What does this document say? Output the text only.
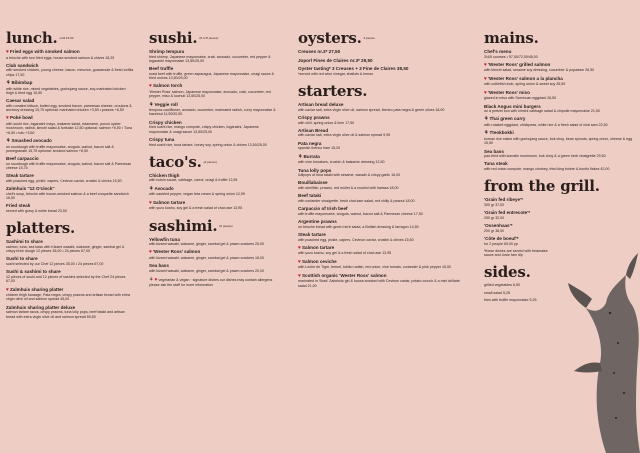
lunch. $^{until 16:00}$
♥Fried eggs with smoked salmon
a brioche with two fried eggs, house-smoked salmon & chives 18,25
Club sandwich
with smoked chicken, young cheese, bacon, mesclun, guacamole & fresh tortilla chips 17,50
⚘Bibimbap
with white rice, mixed vegetables, gochujang sauce, soy-marinated chicken thigh & fried egg 15,50
Caesar salad
with romaine lettuce, boiled egg, smoked bacon, parmesan cheese, croutons & anchovy dressing 15,75 optional: marinated chicken +3,50 • prawns +6,50
♥Poké bowl
with sushi rice, togarashi mayo, wakame salad, edamame, ponzu oyster mushroom, radish, kimchi salad & furikake 12,50 optional: salmon +6,50 • Tuna +6,50 • tofu +3,50
⚘Smashed avocado
on sourdough with truffle mayonnaise, arugula, walnut, bacon salt & pomegranate 15,75 optional: smoked salmon +6,50
Beef carpaccio
on sourdough with truffle mayonnaise, arugula, walnut, bacon salt & Parmesan cheese 15,75
Steak tartare
with poached egg, pickle, capers, Cevinon caviar, crostini & chives 15,50
Zalmhuis "12 O'clock"
chef's soup, brioche with house-smoked salmon & a beef croquette sandwich 16,50
Fried steak
served with gravy & white bread 23,50
platters.
Sashimi to share
salmon, tuna, sea bass with Kizami wasabi, wakame, ginger, sambal gel & crispy brick dough 12 pieces 35,00 • 24 pieces 67,00
Sushi to share
sushi selected by our Chef 12 pieces 35,00 • 24 pieces 67,00
Sushi & sashimi to share
12 pieces of sushi and 12 pieces of sashimi selected by the Chef 24 pieces 67,00
♥Zalmhuis sharing platter
chicken thigh karaage, Pata negra, crispy prawns and artisan bread with extra virgin olive oil and salmon spread 45,00
Zalmhuis sharing platter deluxe
salmon tartare tacos, crispy prawns, tuna lolly pops, beef tataki and artisan bread with extra virgin olive oil and salmon spread 59,50
sushi. $^{(8 of 8 pieces)}$
Shrimp tempura
fried shrimp, Japanese mayonnaise, crab, avocado, cucumber, red pepper & togarashi mayonnaise 13,50/25,00
Beef truffle
roast beef with truffle, green asparagus, Japanese mayonnaise, unagi sauce & fried onions 13,50/25,00
♥Salmon torch
'Wester Ross' salmon, Japanese mayonnaise, avocado, crab, cucumber, red pepper, miso & kochuli 13,50/25,00
⚘Veggie roll
tempura cauliflower, avocado, cucumber, marinated radish, curry mayonnaise & hazelnut 11,50/20,50
Crispy chicken
fried sushi rice, mango compote, crispy chicken, togarashi, Japanese mayonnaise & unagi sauce 13,50/25,00
Crispy tuna
fried sushi rice, tuna tartare, honey soy, spring onion & chives 13,50/25,00
taco's. $^{(2 pieces)}$
Chicken thigh
with hoisin sauce, cabbage, carrot, unagi & truffle 12,95
⚘Avocado
with sautéed pepper, vegan feta cream & spring onion 12,95
♥Salmon tartare
with yuzu kosho, soy gel & a fresh salad of chai uwe 13,95
sashimi. $^{(6 pieces)}$
Yellowfin tuna
with kizami wasabi, wakame, ginger, sambal gel & prawn crackers 25,00
♥'Wester Ross' salmon
with kizami wasabi, wakame, ginger, sambal gel & prawn crackers 18,00
Sea bass
with kizami wasabi, wakame, ginger, sambal gel & prawn crackers 20,00
⚘♥vegetarian & vegan · signature dishes our dishes may contain allergens please ask the staff for more information
oysters. $^{6 pieces}$
Creuses nr.3* 27,50
Joporl Fines de Claires nr.3* 29,50
Oyster tasting* 3 Creuses + 3 Fine de Claires 38,50
*served with red wine vinegar, shallots & lemon
starters.
Artisan bread deluxe
with caviar salt, extra virgin olive oil, salmon spread, Iberico pata negra & green olives 18,00
Crispy prawns
with chili, spring onion & lime 17,50
Artisan Bread
with caviar salt, extra virgin olive oil & salmon spread 9,95
Pata negra
spanish Iberico ham 15,20
⚘Burrata
with vine tomatoes, crushin & balsamic dressing 12,50
Tuna lolly pops
lollipops of tuna tataki with sesame, wasabi & crispy garlic 16,00
Bouillabaisse
with shellfish, prawns, red mullet & a crostini with harissa 18,00
Beef tataki
with coriander vinaigrette, fresh chai sam salad, red chilly & peanut 18,00
Carpaccio of Irish beef
with truffle mayonnaise, arugula, walnut, bacon salt & Parmesan cheese 17,50
Argentine prawns
on brioche bread with green herb salad, a Bottish dressing & tarragon 14,50
Steak tartare
with poached egg, pickle, capers, Cevinon caviar, crostini & chives 15,50
♥Salmon tartare
with yuzu kosho, soy gel & a fresh salad of chai uwe 13,95
♥Salmon ceviche
with Leche de Tigre, fennel, tobiko radish, red onion, vine tomato, coriander & pink pepper 15,50
♥Scottish organic 'Wester Ross' salmon
marinated in 'Bosk' Zalmhuis gin & house-smoked with Cevinon caviar, potato crunch & a mini drillade salad 21,00
mains.
Chef's menu
3/4/5 courses • 57,50/72,50/45,00
♥'Wester Ross' grilled salmon
with kimchi salad, sesame soy dressing, cucumber & popadam 26,50
♥'Wester Ross' salmon a la plancha
with cuttlefish inob, spring onion & sweet soy 26,50
♥'Wester Ross' miso
glazed in miso with Szechuan eggplant 26,50
Black Angus mini burgers
on a pretzel bun with kimchi cabbage salad & chipotle mayonnaise 21,50
⚘Thai green curry
with roasted eggplant, chickpeas, white rice & a fresh salad of chai sam 22,50
⚘Tteokbokki
korean rice cakes with gochujang sauce, bok choy, bean sprouts, spring onion, cheese & egg 15,50
Sea bass
pan-fried with kumaile mushroom, bok choy & a green herb vinaigrette 29,50
Tuna steak
with red onion compote, mango chutney, fried king bolete & bonito flakes 42,00
from the grill.
'Grain fed ribeye'*
300 gr 37,00
'Grain fed entrecote'*
250 gr 32,00
'Ossenhaas'*
200 gr 38,00
'Côte de boeuf'*
for 2 people 69,00 pp
*these dishes are served with bearnaise sauce and Josie fam dip
sides.
grilled vegetables 6,50
small salad 5,25
fries with truffle mayonnaise 5,25
